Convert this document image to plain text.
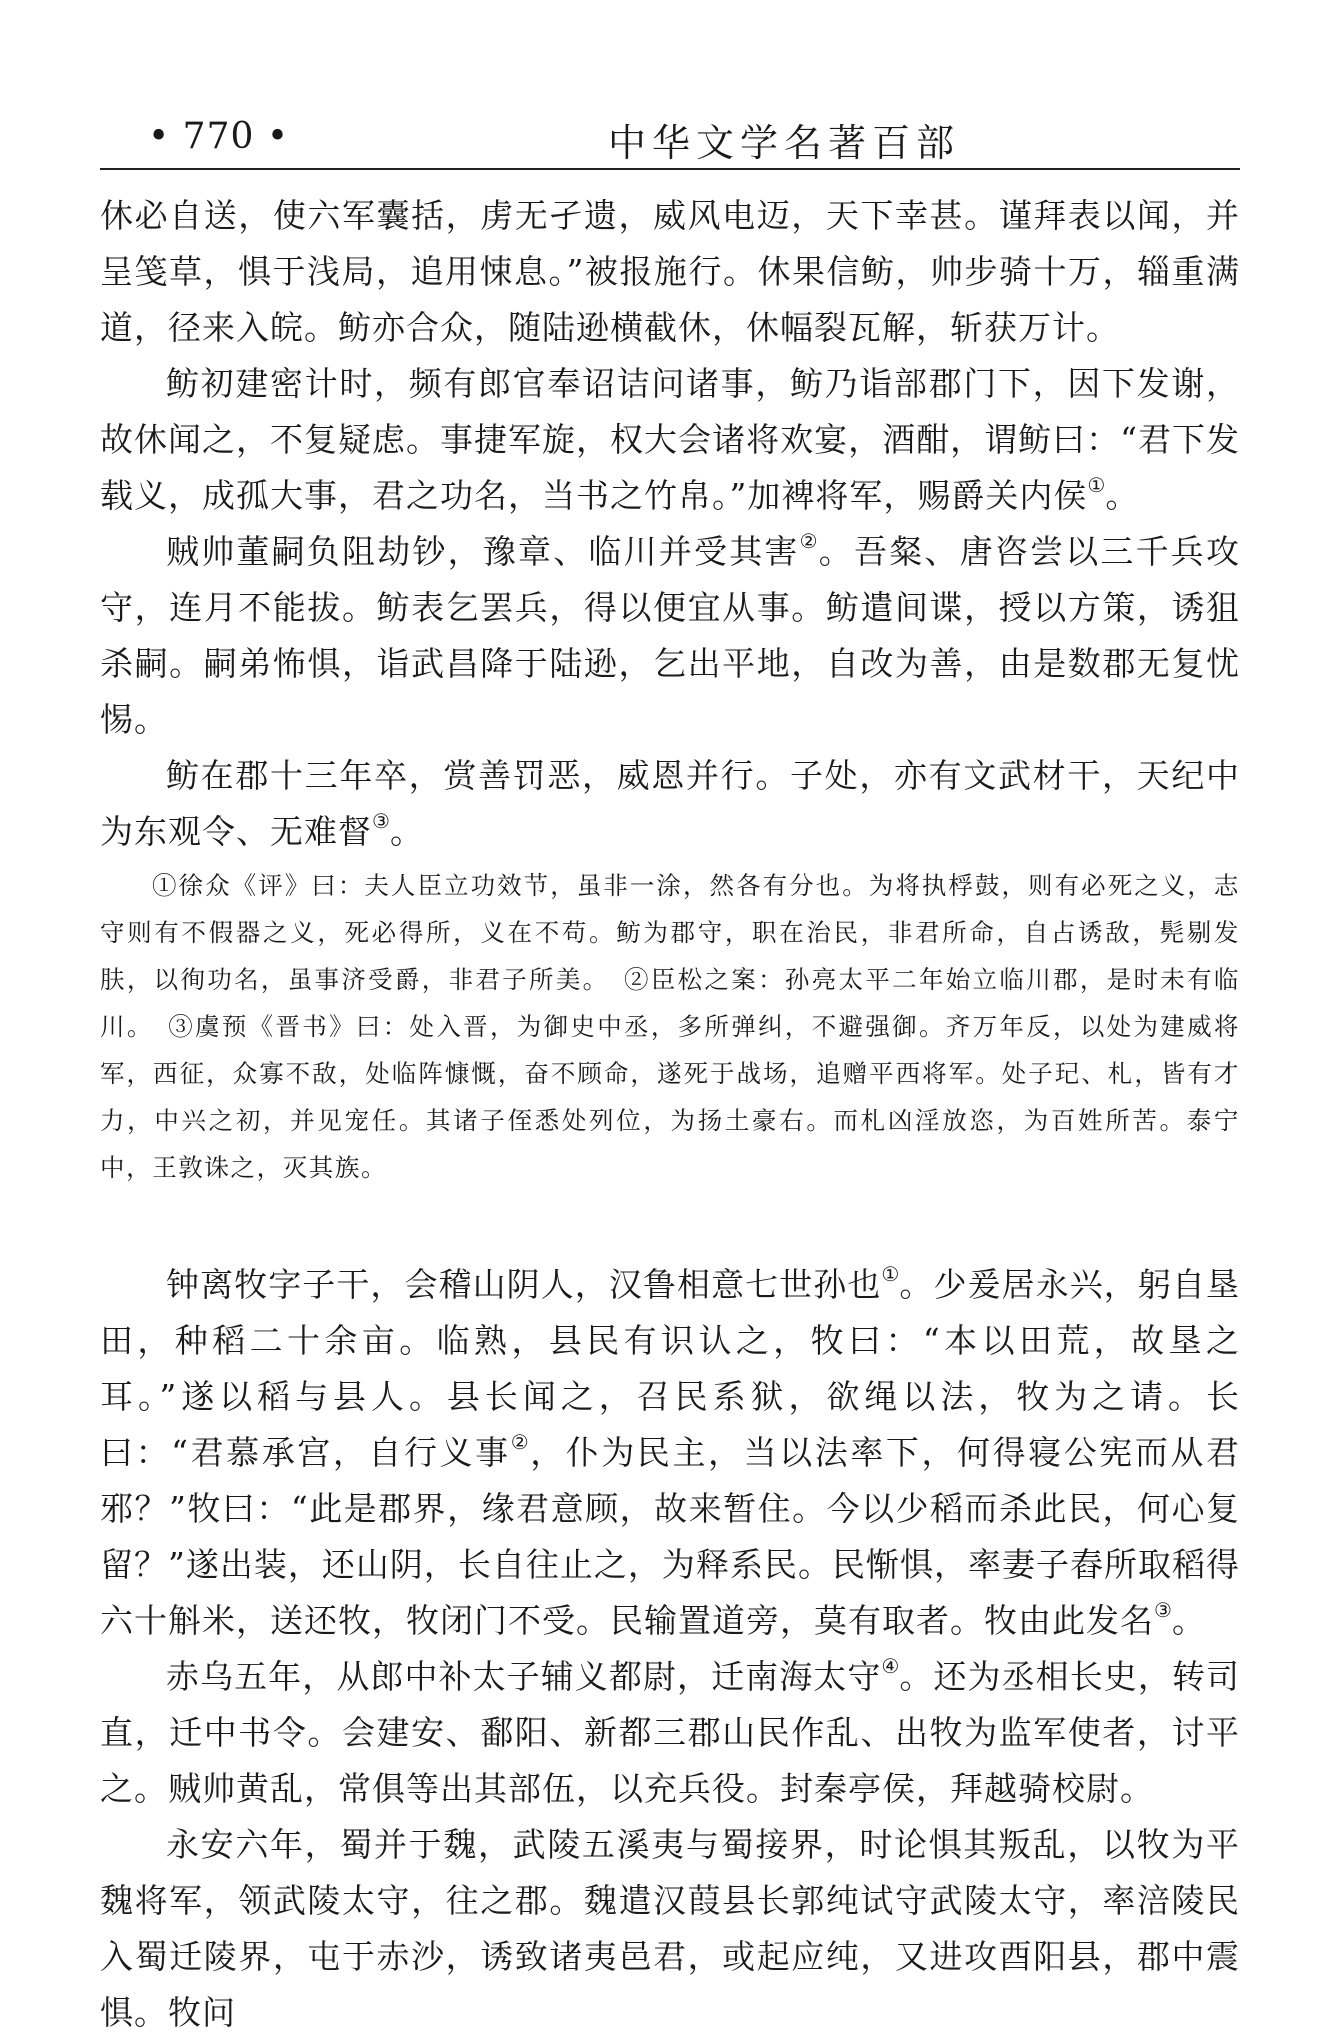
• 770 •	中华文学名著百部

休必自送，使六军囊括，虏无孑遗，威风电迈，天下幸甚。谨拜表以闻，并呈笺草，惧于浅局，追用悚息。”被报施行。休果信鲂，帅步骑十万，辎重满道，径来入皖。鲂亦合众，随陆逊横截休，休幅裂瓦解，斩获万计。

鲂初建密计时，频有郎官奉诏诘问诸事，鲂乃诣部郡门下，因下发谢，故休闻之，不复疑虑。事捷军旋，权大会诸将欢宴，酒酣，谓鲂曰：“君下发载义，成孤大事，君之功名，当书之竹帛。”加裨将军，赐爵关内侯①。

贼帅董嗣负阻劫钞，豫章、临川并受其害②。吾粲、唐咨尝以三千兵攻守，连月不能拔。鲂表乞罢兵，得以便宜从事。鲂遣间谍，授以方策，诱狙杀嗣。嗣弟怖惧，诣武昌降于陆逊，乞出平地，自改为善，由是数郡无复忧惕。

鲂在郡十三年卒，赏善罚恶，威恩并行。子处，亦有文武材干，天纪中为东观令、无难督③。

①徐众《评》曰：夫人臣立功效节，虽非一涂，然各有分也。为将执桴鼓，则有必死之义，志守则有不假器之义，死必得所，义在不苟。鲂为郡守，职在治民，非君所命，自占诱敌，髡剔发肤，以徇功名，虽事济受爵，非君子所美。　②臣松之案：孙亮太平二年始立临川郡，是时未有临川。　③虞预《晋书》曰：处入晋，为御史中丞，多所弹纠，不避强御。齐万年反，以处为建威将军，西征，众寡不敌，处临阵慷慨，奋不顾命，遂死于战场，追赠平西将军。处子玘、札，皆有才力，中兴之初，并见宠任。其诸子侄悉处列位，为扬土豪右。而札凶淫放恣，为百姓所苦。泰宁中，王敦诛之，灭其族。

钟离牧字子干，会稽山阴人，汉鲁相意七世孙也①。少爰居永兴，躬自垦田，种稻二十余亩。临熟，县民有识认之，牧曰：“本以田荒，故垦之耳。”遂以稻与县人。县长闻之，召民系狱，欲绳以法，牧为之请。长曰：“君慕承宫，自行义事②，仆为民主，当以法率下，何得寝公宪而从君邪？”牧曰：“此是郡界，缘君意顾，故来暂住。今以少稻而杀此民，何心复留？”遂出装，还山阴，长自往止之，为释系民。民惭惧，率妻子舂所取稻得六十斛米，送还牧，牧闭门不受。民输置道旁，莫有取者。牧由此发名③。

赤乌五年，从郎中补太子辅义都尉，迁南海太守④。还为丞相长史，转司直，迁中书令。会建安、鄱阳、新都三郡山民作乱、出牧为监军使者，讨平之。贼帅黄乱，常俱等出其部伍，以充兵役。封秦亭侯，拜越骑校尉。

永安六年，蜀并于魏，武陵五溪夷与蜀接界，时论惧其叛乱，以牧为平魏将军，领武陵太守，往之郡。魏遣汉葭县长郭纯试守武陵太守，率涪陵民入蜀迁陵界，屯于赤沙，诱致诸夷邑君，或起应纯，又进攻酉阳县，郡中震惧。牧问
